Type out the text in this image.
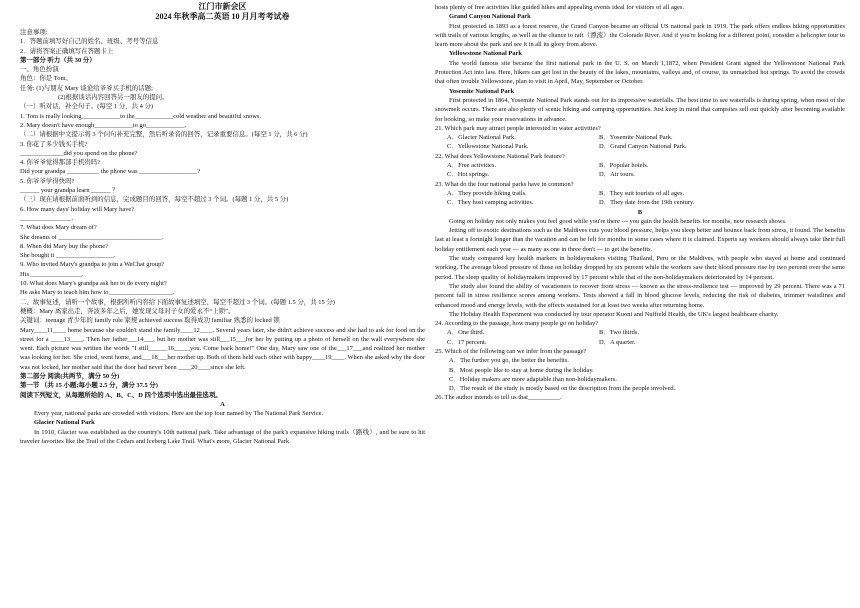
江门市新会区
2024 年秋季高二英语 10 月月考考试卷
注意事项:
1．答题前填写好自己的姓名、班级、考号等信息
2．请将答案正确填写在答题卡上
第一部分 听力（共 30 分）
一、角色扮演
角色：你是 Tom。
任务: (1)与朋友 Mary 谈论给爷爷买手机的话题;
(2)根据谈话内容回答另一朋友的提问。
（一）听对话，补全句子。(每空 1 分，共 4 分)
1. Tom is really looking____________to the____________cold weather and beautiful snows.
2. Mary doesn't have enough____________to go____________.
（二）请根据中文提示将 3 个问句补充完整，然后听录音的回答，记录重要信息。(每空 1 分，共 6 分)
3. 你花了多少钱买手机?
_______ ______did you spend on the phone?
4. 你爷爷觉得那部手机贵吗?
Did your grandpa __________ the phone was __________________?
5. 你爷爷学得快吗?
______ your grandpa learn ______ ？
（三）现在请根据前面听到的信息，完成题目的回答，每空不超过 3 个词。(每题 1 分，共 5 分)
6. How many days' holiday will Mary have?
________________.
7. What does Mary dream of?
She dreams of ________________________________.
8. When did Mary buy the phone?
She bought it __________________.
9. Who invited Mary's grandpa to join a WeChat group?
His ________________.
10. What does Mary's grandpa ask her to do every night?
He asks Mary to teach him how to____________________.
二、故事复述，请听一个故事，根据所听内容给下面故事复述填空，每空不超过 3 个词。(每题 1.5 分，共 15 分)
梗概：Mary 离家出走，奔波多年之后，她发现父母对子女的爱永不“上锁”。
关键词：teenage 青少年的 family rule 家规 achieved success 取得成功 familiar 熟悉的 locked 锁
Mary____11____ home because she couldn't stand the family____12____. Several years later, she didn't achieve success and she had to ask for food on the street for a ____13____. Then her father___14___, but her mother was still___15___for her by putting up a photo of herself on the wall everywhere she went. Each picture was written the words "I still______16_____you. Come back home!" One day, Mary saw one of the___17___and realized her mother was looking for her. She cried, went home, and___18___her mother up. Both of them held each other with happy____19____. When she asked why the door was not locked, her mother said that the door had never been ____20____since she left.
第二部分 阅读(共两节，满分 50 分)
第一节 （共 15 小题;每小题 2.5 分，满分 37.5 分)
阅读下列短文，从每题所给的 A、B、C、D 四个选项中选出最佳选项。
A
Every year, national parks are crowded with visitors. Here are the top four named by The National Park Service.
Glacier National Park
In 1910, Glacier was established as the country's 10th national park. Take advantage of the park's expansive hiking trails（路线）, and be sure to hit traveler favorites like the Trail of the Cedars and Iceberg Lake Trail. What's more, Glacier National Park
hosts plenty of free activities like guided hikes and appealing events ideal for visitors of all ages.
Grand Canyon National Park
First protected in 1893 as a forest reserve, the Grand Canyon became an official US national park in 1919. The park offers endless hiking opportunities with trails of various lengths, as well as the chance to raft（漂流）the Colorado River. And if you're looking for a different point, consider a helicopter tour to learn more about the park and see it in all its glory from above.
Yellowstone National Park
The world famous site became the first national park in the U. S. on March 1,1872, when President Grant signed the Yellowstone National Park Protection Act into law. Here, hikers can get lost in the beauty of the lakes, mountains, valleys and, of course, its unmatched hot springs. To avoid the crowds that often trouble Yellowstone, plan to visit in April, May, September or October.
Yosemite National Park
First protected in 1864, Yosemite National Park stands out for its impressive waterfalls. The best time to see waterfalls is during spring, when most of the snowmelt occurs. There are also plenty of scenic hiking and camping opportunities. Just keep in mind that campsites sell out quickly after becoming available for booking, so make your reservations in advance.
21. Which park may attract people interested in water activities?
A．Glacier National Park.	B．Yosemite National Park.
C．Yellowstone National Park.	D．Grand Canyon National Park.
22. What does Yellowstone National Park feature?
A．Free activities.	B．Popular hotels.
C．Hot springs.	D．Air tours.
23. What do the four national parks have in common?
A．They provide hiking trails.	B．They suit tourists of all ages.
C．They host camping activities.	D．They date from the 19th century.
B
Going on holiday not only makes you feel good while you're there --- you gain the health benefits for months, new research shows.
Jetting off to exotic destinations such as the Maldives cuts your blood pressure, helps you sleep better and bounce back from stress, it found. The benefits last at least a fortnight longer than the vacation and can be felt for months in some cases where it is claimed. Experts say workers should always take their full holiday entitlement each year — as many as one in three don't — to get the benefits.
The study compared key health markers in holidaymakers visiting Thailand, Peru or the Maldives, with people who stayed at home and continued working. The average blood pressure of those on holiday dropped by six percent while the workers saw their blood pressure rise by two percent over the same period. The sleep quality of holidaymakers improved by 17 percent while that of the non-holidaymakers deteriorated by 14 percent.
The study also found the ability of vacationers to recover from stress — known as the stress-resilience test — improved by 29 percent. There was a 71 percent fall in stress resilience scores among workers. Tests showed a fall in blood glucose levels, reducing the risk of diabetes, trimmer waistlines and enhanced mood and energy levels, with the effects sustained for at least two weeks after returning home.
The Holiday Health Experiment was conducted by tour operator Kuoni and Nuffield Health, the UK's largest healthcare charity.
24. According to the passage, how many people go on holiday?
A．One third.	B．Two thirds.
C．17 percent.	D．A quarter.
25. Which of the following can we infer from the passage?
A．The further you go, the better the benefits.
B．Most people like to stay at home during the holiday.
C．Holiday makers are more adaptable than non-holidaymakers.
D．The result of the study is mostly based on the description from the people involved.
26. The author intends to tell us that__________.
